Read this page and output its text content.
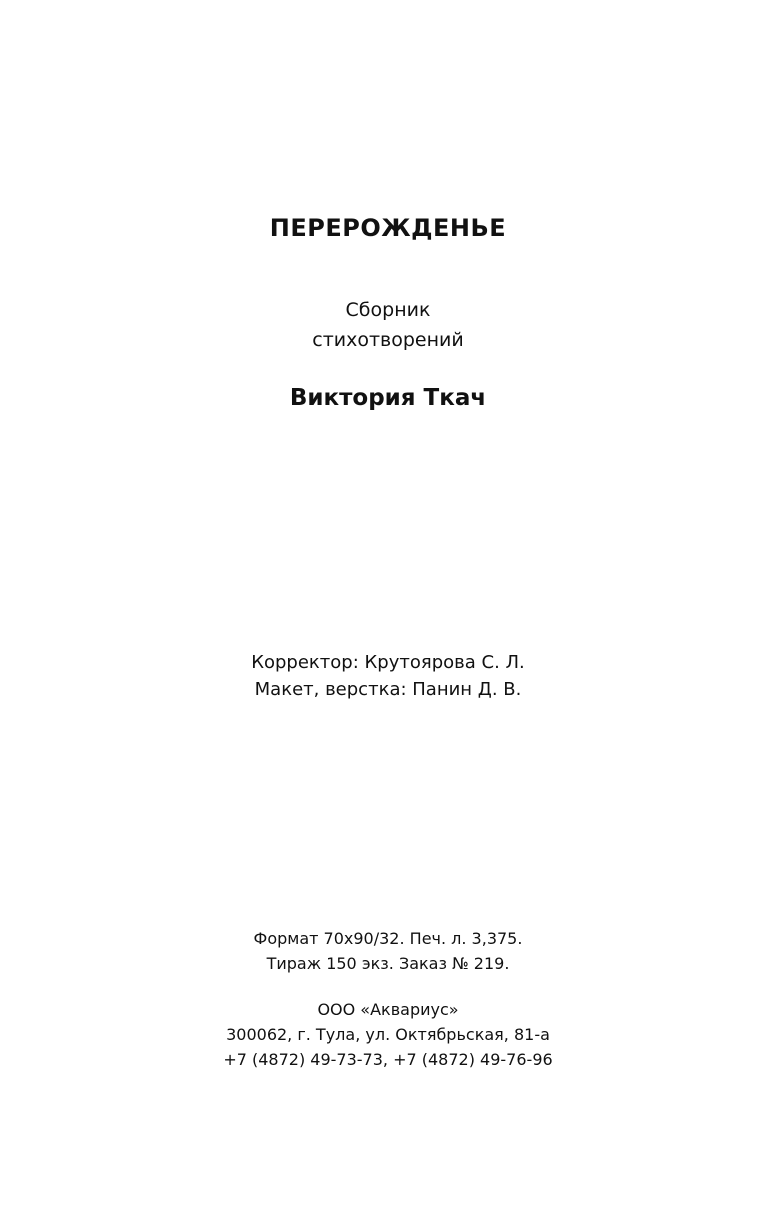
ПЕРЕРОЖДЕНЬЕ
Сборник
стихотворений
Виктория Ткач
Корректор: Крутоярова С. Л.
Макет, верстка: Панин Д. В.
Формат 70x90/32. Печ. л. 3,375.
Тираж 150 экз. Заказ № 219.
ООО «Аквариус»
300062, г. Тула, ул. Октябрьская, 81-а
+7 (4872) 49-73-73, +7 (4872) 49-76-96
